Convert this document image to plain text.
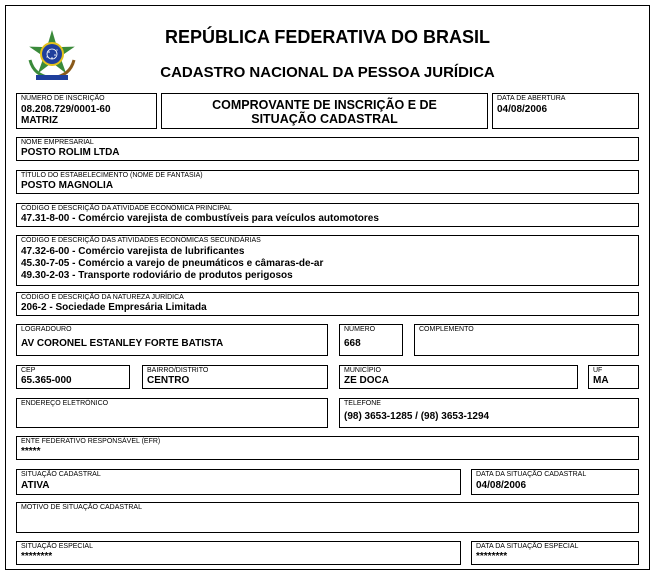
REPÚBLICA FEDERATIVA DO BRASIL
CADASTRO NACIONAL DA PESSOA JURÍDICA
NÚMERO DE INSCRIÇÃO
08.208.729/0001-60
MATRIZ
COMPROVANTE DE INSCRIÇÃO E DE
SITUAÇÃO CADASTRAL
DATA DE ABERTURA
04/08/2006
NOME EMPRESARIAL
POSTO ROLIM LTDA
TÍTULO DO ESTABELECIMENTO (NOME DE FANTASIA)
POSTO MAGNOLIA
CÓDIGO E DESCRIÇÃO DA ATIVIDADE ECONÔMICA PRINCIPAL
47.31-8-00 - Comércio varejista de combustíveis para veículos automotores
CÓDIGO E DESCRIÇÃO DAS ATIVIDADES ECONÔMICAS SECUNDÁRIAS
47.32-6-00 - Comércio varejista de lubrificantes
45.30-7-05 - Comércio a varejo de pneumáticos e câmaras-de-ar
49.30-2-03 - Transporte rodoviário de produtos perigosos
CÓDIGO E DESCRIÇÃO DA NATUREZA JURÍDICA
206-2 - Sociedade Empresária Limitada
LOGRADOURO
AV CORONEL ESTANLEY FORTE BATISTA
NÚMERO
668
COMPLEMENTO
CEP
65.365-000
BAIRRO/DISTRITO
CENTRO
MUNICÍPIO
ZE DOCA
UF
MA
ENDEREÇO ELETRÔNICO	TELEFONE
(98) 3653-1285 / (98) 3653-1294
ENTE FEDERATIVO RESPONSÁVEL (EFR)
*****
SITUAÇÃO CADASTRAL
ATIVA
DATA DA SITUAÇÃO CADASTRAL
04/08/2006
MOTIVO DE SITUAÇÃO CADASTRAL
SITUAÇÃO ESPECIAL
********
DATA DA SITUAÇÃO ESPECIAL
********
